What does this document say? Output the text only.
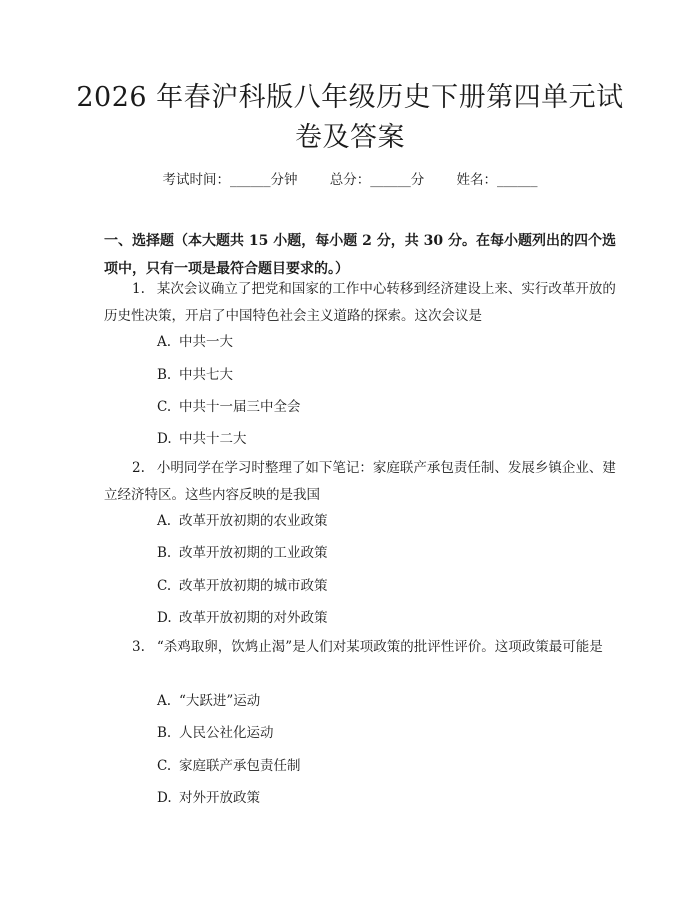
2026 年春沪科版八年级历史下册第四单元试卷及答案
考试时间：______分钟 总分：______分 姓名：______
一、选择题（本大题共 15 小题，每小题 2 分，共 30 分。在每小题列出的四个选项中，只有一项是最符合题目要求的。）
1. 某次会议确立了把党和国家的工作中心转移到经济建设上来、实行改革开放的历史性决策，开启了中国特色社会主义道路的探索。这次会议是
A. 中共一大
B. 中共七大
C. 中共十一届三中全会
D. 中共十二大
2. 小明同学在学习时整理了如下笔记：家庭联产承包责任制、发展乡镇企业、建立经济特区。这些内容反映的是我国
A. 改革开放初期的农业政策
B. 改革开放初期的工业政策
C. 改革开放初期的城市政策
D. 改革开放初期的对外政策
3. “杀鸡取卵，饮鸩止渴”是人们对某项政策的批评性评价。这项政策最可能是
A. “大跃进”运动
B. 人民公社化运动
C. 家庭联产承包责任制
D. 对外开放政策
